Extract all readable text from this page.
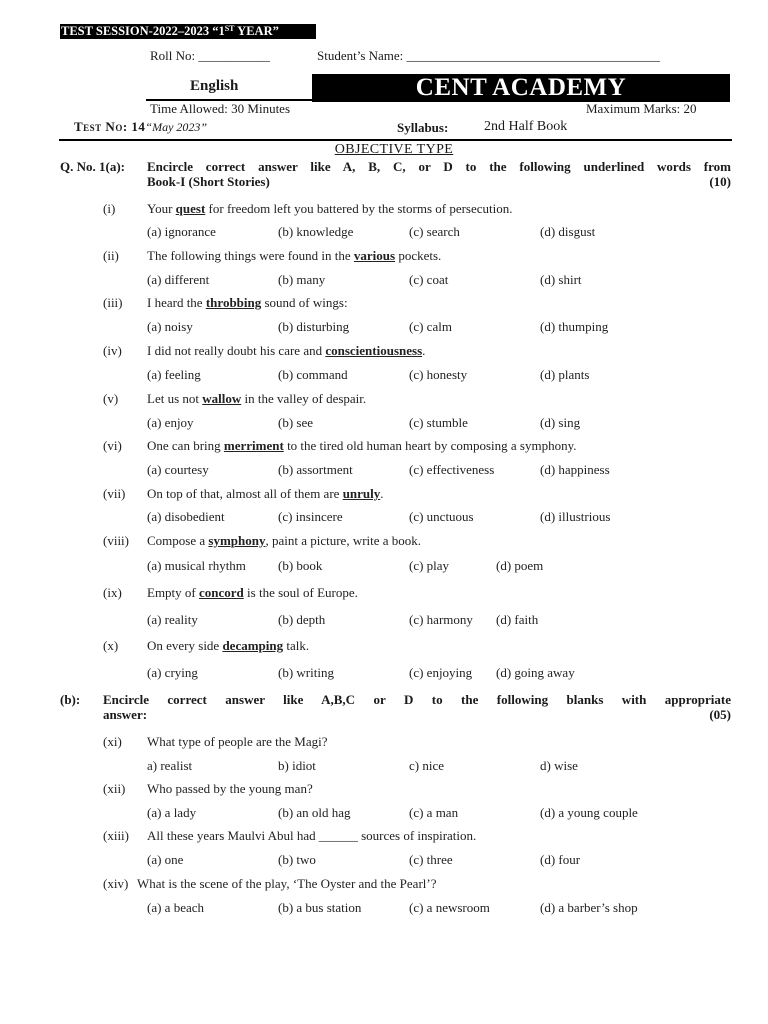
TEST SESSION-2022–2023 “1ST YEAR”
Roll No: ___________	Student’s Name: _______________________________________
English	CENT ACADEMY
Time Allowed: 30 Minutes	Maximum Marks: 20
Test No: 14“May 2023”	Syllabus:	2nd Half Book
OBJECTIVE TYPE
Q. No. 1(a): Encircle correct answer like A, B, C, or D to the following underlined words from
Book-I (Short Stories)	(10)
(b): Encircle correct answer like A,B,C or D to the following blanks with appropriate
answer:	(05)
(i) Your quest for freedom left you battered by the storms of persecution.
(a) ignorance	(b) knowledge	(c) search	(d) disgust
(ii) The following things were found in the various pockets.
(a) different	(b) many	(c) coat	(d) shirt
(iii) I heard the throbbing sound of wings:
(a) noisy	(b) disturbing	(c) calm	(d) thumping
(iv) I did not really doubt his care and conscientiousness.
(a) feeling	(b) command	(c) honesty	(d) plants
(v) Let us not wallow in the valley of despair.
(a) enjoy	(b) see	(c) stumble	(d) sing
(vi) One can bring merriment to the tired old human heart by composing a symphony.
(a) courtesy	(b) assortment	(c) effectiveness	(d) happiness
(vii) On top of that, almost all of them are unruly.
(a) disobedient	(c) insincere	(c) unctuous	(d) illustrious
(viii) Compose a symphony, paint a picture, write a book.
(a) musical rhythm (b) book	(c) play	(d) poem
(ix) Empty of concord is the soul of Europe.
(a) reality	(b) depth	(c) harmony (d) faith
(x) On every side decamping talk.
(a) crying	(b) writing	(c) enjoying (d) going away
(xi) What type of people are the Magi?
a) realist	b) idiot	c) nice	d) wise
(xii) Who passed by the young man?
(a) a lady	(b) an old hag	(c) a man	(d) a young couple
(xiii) All these years Maulvi Abul had ______ sources of inspiration.
(a) one	(b) two	(c) three	(d) four
(xiv) What is the scene of the play, ‘The Oyster and the Pearl’?
(a) a beach	(b) a bus station	(c) a newsroom	(d) a barber’s shop
